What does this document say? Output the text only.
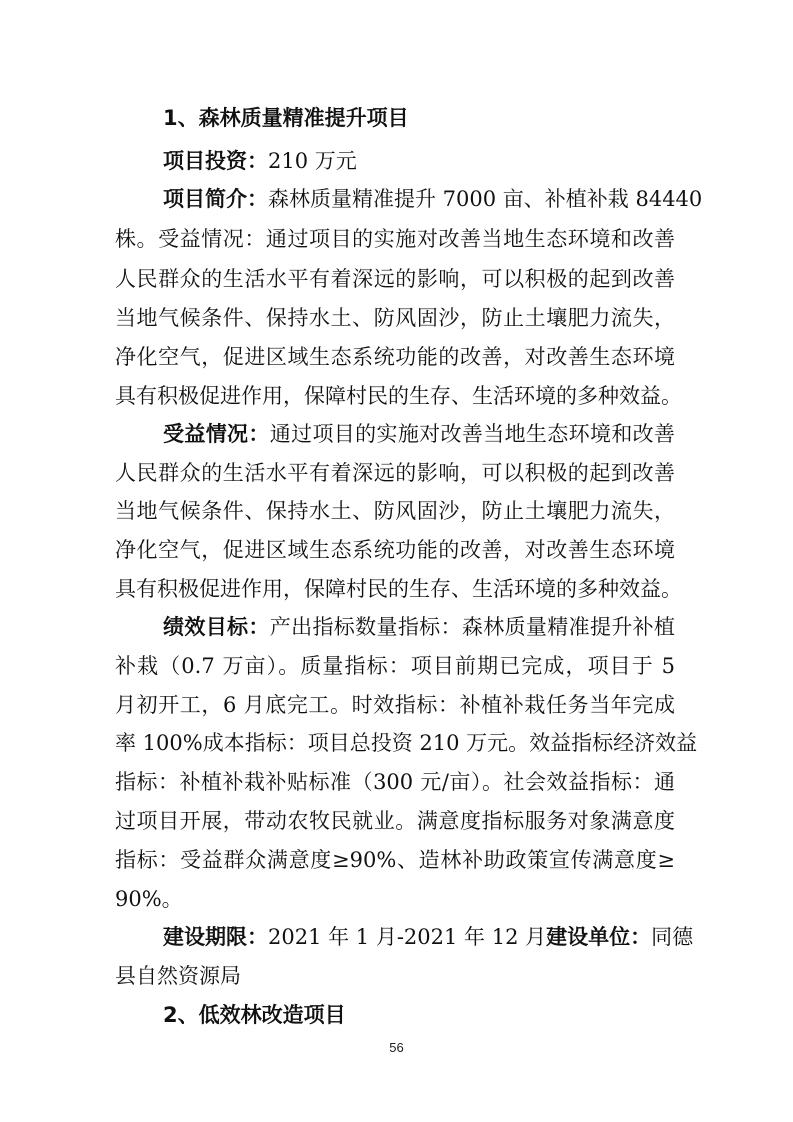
1、森林质量精准提升项目
项目投资：210 万元
项目简介：森林质量精准提升 7000 亩、补植补栽 84440
株。受益情况：通过项目的实施对改善当地生态环境和改善
人民群众的生活水平有着深远的影响，可以积极的起到改善
当地气候条件、保持水土、防风固沙，防止土壤肥力流失，
净化空气，促进区域生态系统功能的改善，对改善生态环境
具有积极促进作用，保障村民的生存、生活环境的多种效益。
受益情况：通过项目的实施对改善当地生态环境和改善
人民群众的生活水平有着深远的影响，可以积极的起到改善
当地气候条件、保持水土、防风固沙，防止土壤肥力流失，
净化空气，促进区域生态系统功能的改善，对改善生态环境
具有积极促进作用，保障村民的生存、生活环境的多种效益。
绩效目标：产出指标数量指标：森林质量精准提升补植
补栽（0.7 万亩）。质量指标：项目前期已完成，项目于 5
月初开工，6 月底完工。时效指标：补植补栽任务当年完成
率 100%成本指标：项目总投资 210 万元。效益指标经济效益
指标：补植补栽补贴标准（300 元/亩）。社会效益指标：通
过项目开展，带动农牧民就业。满意度指标服务对象满意度
指标：受益群众满意度≥90%、造林补助政策宣传满意度≥
90%。
建设期限：2021 年 1 月-2021 年 12 月建设单位：同德
县自然资源局
2、低效林改造项目
56
